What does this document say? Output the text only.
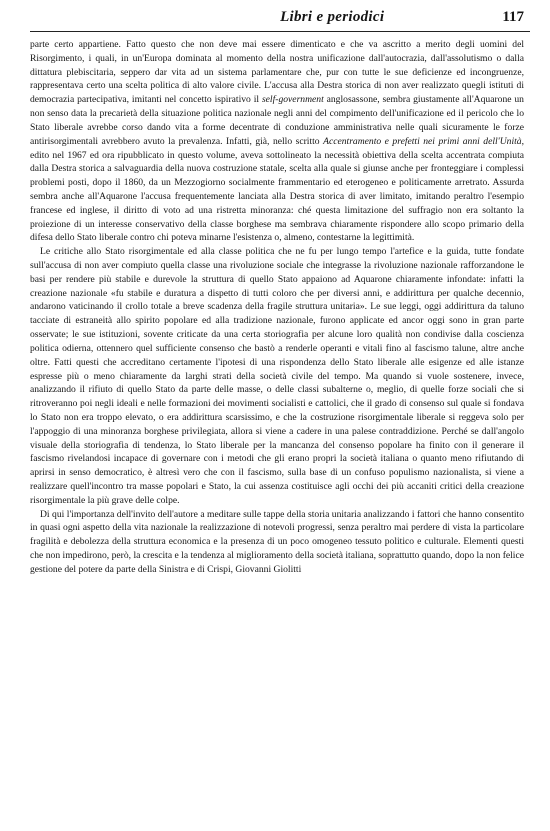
Libri e periodici	117

parte certo appartiene. Fatto questo che non deve mai essere dimenticato e che va ascritto a merito degli uomini del Risorgimento, i quali, in un'Europa dominata al momento della nostra unificazione dall'autocrazia, dall'assolutismo o dalla dittatura plebiscitaria, seppero dar vita ad un sistema parlamentare che, pur con tutte le sue deficienze ed incongruenze, rappresentava certo una scelta politica di alto valore civile. L'accusa alla Destra storica di non aver realizzato quegli istituti di democrazia partecipativa, imitanti nel concetto ispirativo il self-government anglosassone, sembra giustamente all'Aquarone un non senso data la precarietà della situazione politica nazionale negli anni del compimento dell'unificazione ed il pericolo che lo Stato liberale avrebbe corso dando vita a forme decentrate di conduzione amministrativa nelle quali sicuramente le forze antirisorgimentali avrebbero avuto la prevalenza. Infatti, già, nello scritto Accentramento e prefetti nei primi anni dell'Unità, edito nel 1967 ed ora ripubblicato in questo volume, aveva sottolineato la necessità obiettiva della scelta accentrata compiuta dalla Destra storica a salvaguardia della nuova costruzione statale, scelta alla quale si giunse anche per fronteggiare i complessi problemi posti, dopo il 1860, da un Mezzogiorno socialmente frammentario ed eterogeneo e politicamente arretrato. Assurda sembra anche all'Aquarone l'accusa frequentemente lanciata alla Destra storica di aver limitato, imitando peraltro l'esempio francese ed inglese, il diritto di voto ad una ristretta minoranza: ché questa limitazione del suffragio non era soltanto la proiezione di un interesse conservativo della classe borghese ma sembrava chiaramente rispondere allo scopo primario della difesa dello Stato liberale contro chi poteva minarne l'esistenza o, almeno, contestarne la legittimità.

Le critiche allo Stato risorgimentale ed alla classe politica che ne fu per lungo tempo l'artefice e la guida, tutte fondate sull'accusa di non aver compiuto quella classe una rivoluzione sociale che integrasse la rivoluzione nazionale rafforzandone le basi per rendere più stabile e durevole la struttura di quello Stato appaiono ad Aquarone chiaramente infondate: infatti la creazione nazionale «fu stabile e duratura a dispetto di tutti coloro che per diversi anni, e addirittura per qualche decennio, andarono vaticinando il crollo totale a breve scadenza della fragile struttura unitaria». Le sue leggi, oggi addirittura da taluno tacciate di estraneità allo spirito popolare ed alla tradizione nazionale, furono applicate ed ancor oggi sono in gran parte osservate; le sue istituzioni, sovente criticate da una certa storiografia per alcune loro qualità non condivise dalla coscienza politica odierna, ottennero quel sufficiente consenso che bastò a renderle operanti e vitali fino al fascismo talune, altre anche oltre. Fatti questi che accreditano certamente l'ipotesi di una rispondenza dello Stato liberale alle esigenze ed alle istanze espresse più o meno chiaramente da larghi strati della società civile del tempo. Ma quando si vuole sostenere, invece, analizzando il rifiuto di quello Stato da parte delle masse, o delle classi subalterne o, meglio, di quelle forze sociali che si ritroveranno poi negli ideali e nelle formazioni dei movimenti socialisti e cattolici, che il grado di consenso sul quale si fondava lo Stato non era troppo elevato, o era addirittura scarsissimo, e che la costruzione risorgimentale liberale si reggeva solo per l'appoggio di una minoranza borghese privilegiata, allora si viene a cadere in una palese contraddizione. Perché se dall'angolo visuale della storiografia di tendenza, lo Stato liberale per la mancanza del consenso popolare ha finito con il generare il fascismo rivelandosi incapace di governare con i metodi che gli erano propri la società italiana o quanto meno rifiutando di aprirsi in senso democratico, è altresì vero che con il fascismo, sulla base di un confuso populismo nazionalista, si viene a realizzare quell'incontro tra masse popolari e Stato, la cui assenza costituisce agli occhi dei più accaniti critici della creazione risorgimentale la più grave delle colpe.

Di qui l'importanza dell'invito dell'autore a meditare sulle tappe della storia unitaria analizzando i fattori che hanno consentito in quasi ogni aspetto della vita nazionale la realizzazione di notevoli progressi, senza peraltro mai perdere di vista la particolare fragilità e debolezza della struttura economica e la presenza di un poco omogeneo tessuto politico e culturale. Elementi questi che non impedirono, però, la crescita e la tendenza al miglioramento della società italiana, soprattutto quando, dopo la non felice gestione del potere da parte della Sinistra e di Crispi, Giovanni Giolitti
